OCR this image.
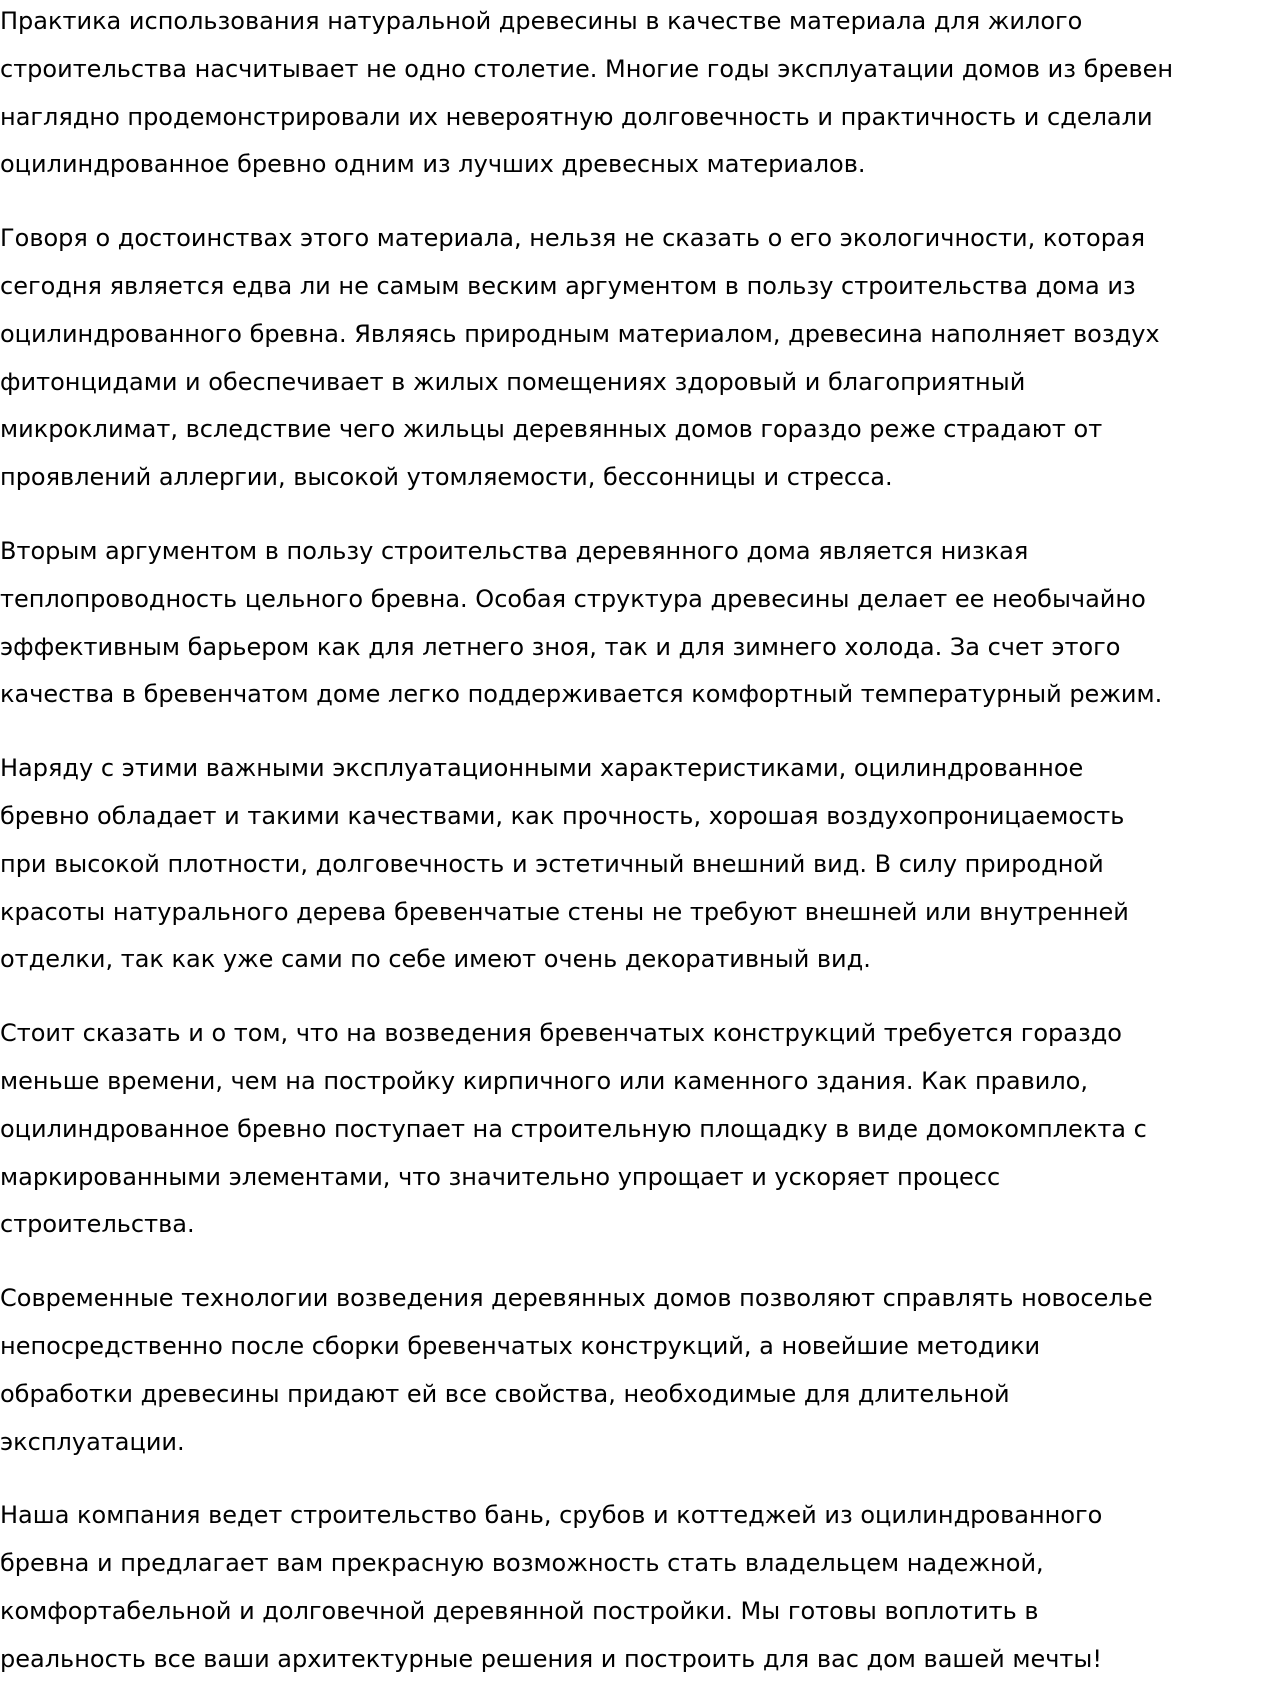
Практика использования натуральной древесины в качестве материала для жилого
строительства насчитывает не одно столетие. Многие годы эксплуатации домов из бревен
наглядно продемонстрировали их невероятную долговечность и практичность и сделали
оцилиндрованное бревно одним из лучших древесных материалов.

Говоря о достоинствах этого материала, нельзя не сказать о его экологичности, которая
сегодня является едва ли не самым веским аргументом в пользу строительства дома из
оцилиндрованного бревна. Являясь природным материалом, древесина наполняет воздух
фитонцидами и обеспечивает в жилых помещениях здоровый и благоприятный
микроклимат, вследствие чего жильцы деревянных домов гораздо реже страдают от
проявлений аллергии, высокой утомляемости, бессонницы и стресса.

Вторым аргументом в пользу строительства деревянного дома является низкая
теплопроводность цельного бревна. Особая структура древесины делает ее необычайно
эффективным барьером как для летнего зноя, так и для зимнего холода. За счет этого
качества в бревенчатом доме легко поддерживается комфортный температурный режим.

Наряду с этими важными эксплуатационными характеристиками, оцилиндрованное
бревно обладает и такими качествами, как прочность, хорошая воздухопроницаемость
при высокой плотности, долговечность и эстетичный внешний вид. В силу природной
красоты натурального дерева бревенчатые стены не требуют внешней или внутренней
отделки, так как уже сами по себе имеют очень декоративный вид.

Стоит сказать и о том, что на возведения бревенчатых конструкций требуется гораздо
меньше времени, чем на постройку кирпичного или каменного здания. Как правило,
оцилиндрованное бревно поступает на строительную площадку в виде домокомплекта с
маркированными элементами, что значительно упрощает и ускоряет процесс
строительства.

Современные технологии возведения деревянных домов позволяют справлять новоселье
непосредственно после сборки бревенчатых конструкций, а новейшие методики
обработки древесины придают ей все свойства, необходимые для длительной
эксплуатации.

Наша компания ведет строительство бань, срубов и коттеджей из оцилиндрованного
бревна и предлагает вам прекрасную возможность стать владельцем надежной,
комфортабельной и долговечной деревянной постройки. Мы готовы воплотить в
реальность все ваши архитектурные решения и построить для вас дом вашей мечты!
